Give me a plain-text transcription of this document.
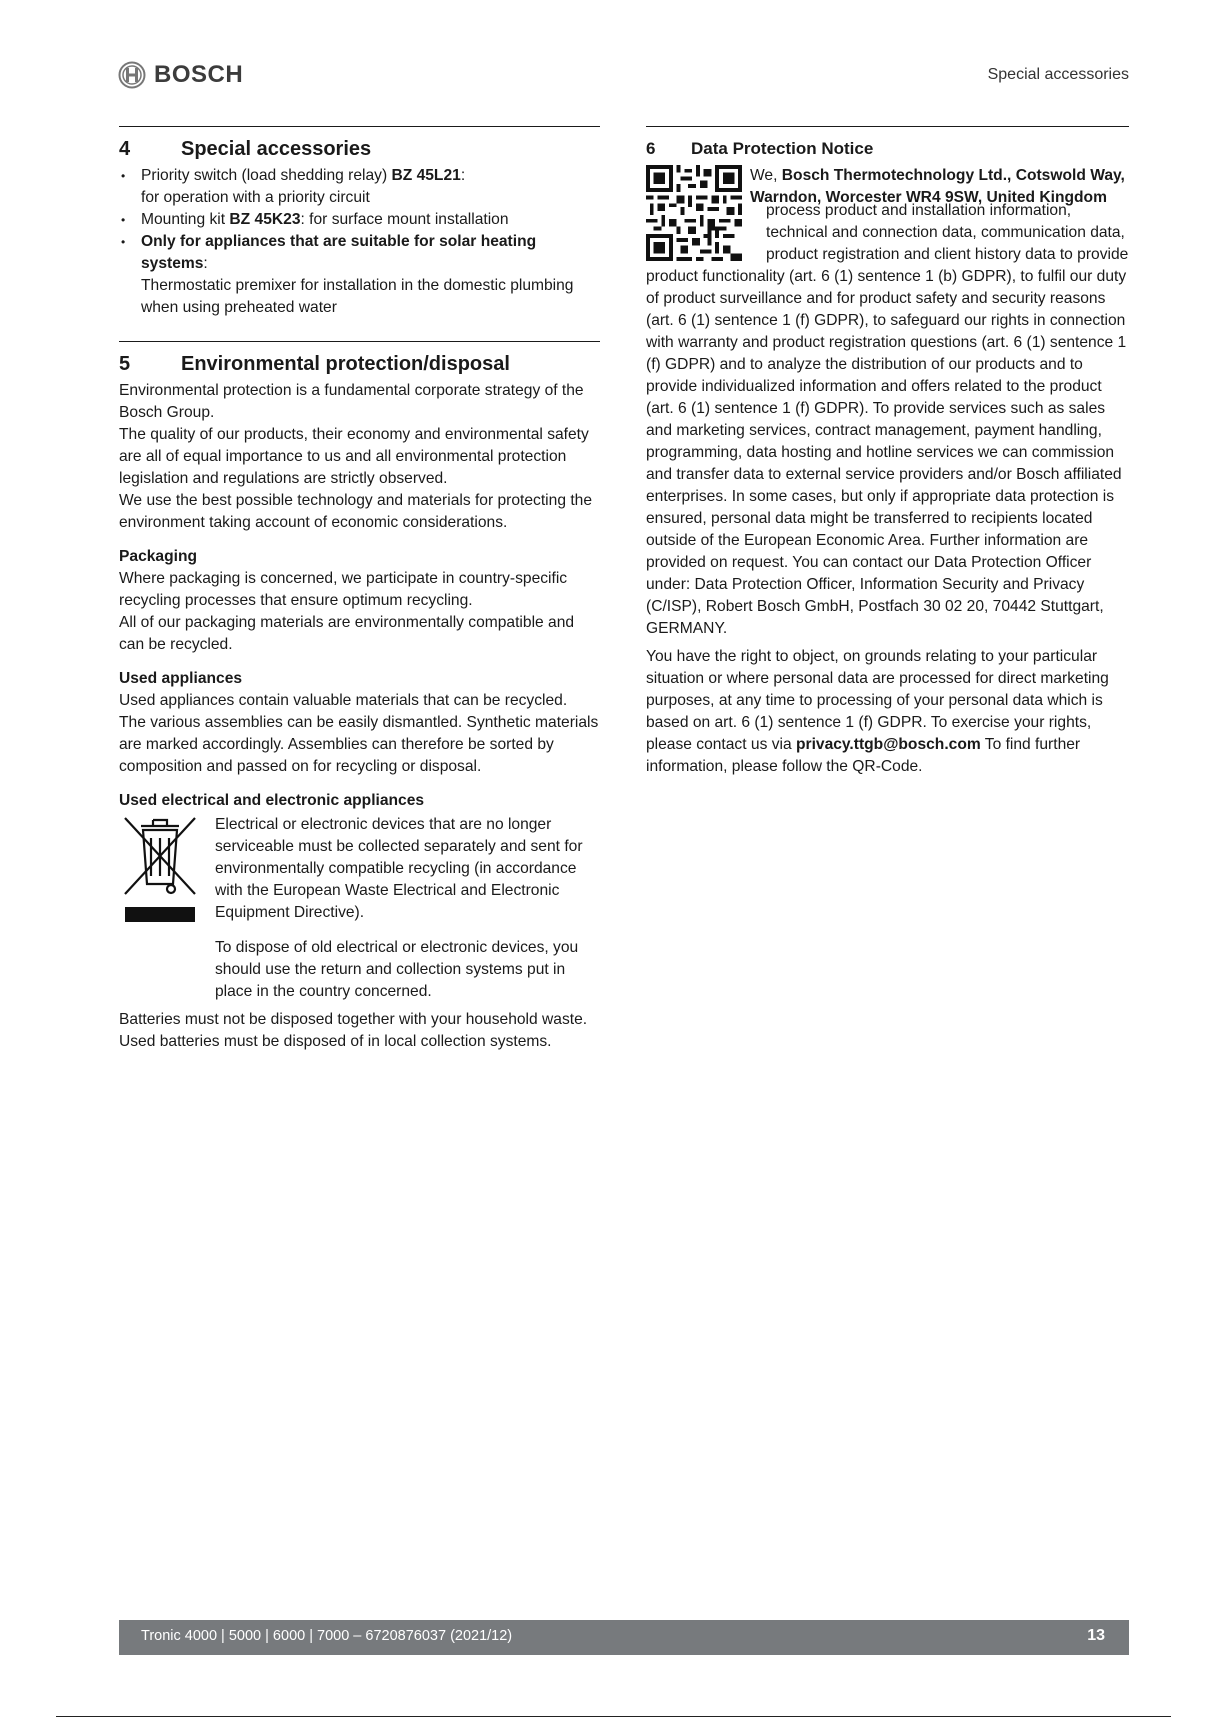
BOSCH	Special accessories
4	Special accessories
• Priority switch (load shedding relay) BZ 45L21:
for operation with a priority circuit
• Mounting kit BZ 45K23: for surface mount installation
• Only for appliances that are suitable for solar heating systems:
Thermostatic premixer for installation in the domestic plumbing when using preheated water
5	Environmental protection/disposal

Environmental protection is a fundamental corporate strategy of the Bosch Group.

The quality of our products, their economy and environmental safety are all of equal importance to us and all environmental protection legislation and regulations are strictly observed.

We use the best possible technology and materials for protecting the environment taking account of economic considerations.

Packaging

Where packaging is concerned, we participate in country-specific recycling processes that ensure optimum recycling.

All of our packaging materials are environmentally compatible and can be recycled.

Used appliances

Used appliances contain valuable materials that can be recycled.

The various assemblies can be easily dismantled. Synthetic materials are marked accordingly. Assemblies can therefore be sorted by composition and passed on for recycling or disposal.

Used electrical and electronic appliances

Electrical or electronic devices that are no longer serviceable must be collected separately and sent for environmentally compatible recycling (in accordance with the European Waste Electrical and Electronic Equipment Directive).

To dispose of old electrical or electronic devices, you should use the return and collection systems put in place in the country concerned.

Batteries must not be disposed together with your household waste. Used batteries must be disposed of in local collection systems.

6	Data Protection Notice

We, Bosch Thermotechnology Ltd., Cotswold Way, Warndon, Worcester WR4 9SW, United Kingdom

process product and installation information, technical and connection data, communication data, product registration and client history data to provide product functionality (art. 6 (1) sentence 1 (b) GDPR), to fulfil our duty of product surveillance and for product safety and security reasons (art. 6 (1) sentence 1 (f) GDPR), to safeguard our rights in connection with warranty and product registration questions (art. 6 (1) sentence 1 (f) GDPR) and to analyze the distribution of our products and to provide individualized information and offers related to the product (art. 6 (1) sentence 1 (f) GDPR). To provide services such as sales and marketing services, contract management, payment handling, programming, data hosting and hotline services we can commission and transfer data to external service providers and/or Bosch affiliated enterprises. In some cases, but only if appropriate data protection is ensured, personal data might be transferred to recipients located outside of the European Economic Area. Further information are provided on request. You can contact our Data Protection Officer under: Data Protection Officer, Information Security and Privacy (C/ISP), Robert Bosch GmbH, Postfach 30 02 20, 70442 Stuttgart, GERMANY.

You have the right to object, on grounds relating to your particular situation or where personal data are processed for direct marketing purposes, at any time to processing of your personal data which is based on art. 6 (1) sentence 1 (f) GDPR. To exercise your rights, please contact us via privacy.ttgb@bosch.com To find further information, please follow the QR-Code.

Tronic 4000 | 5000 | 6000 | 7000 – 6720876037 (2021/12)	13
